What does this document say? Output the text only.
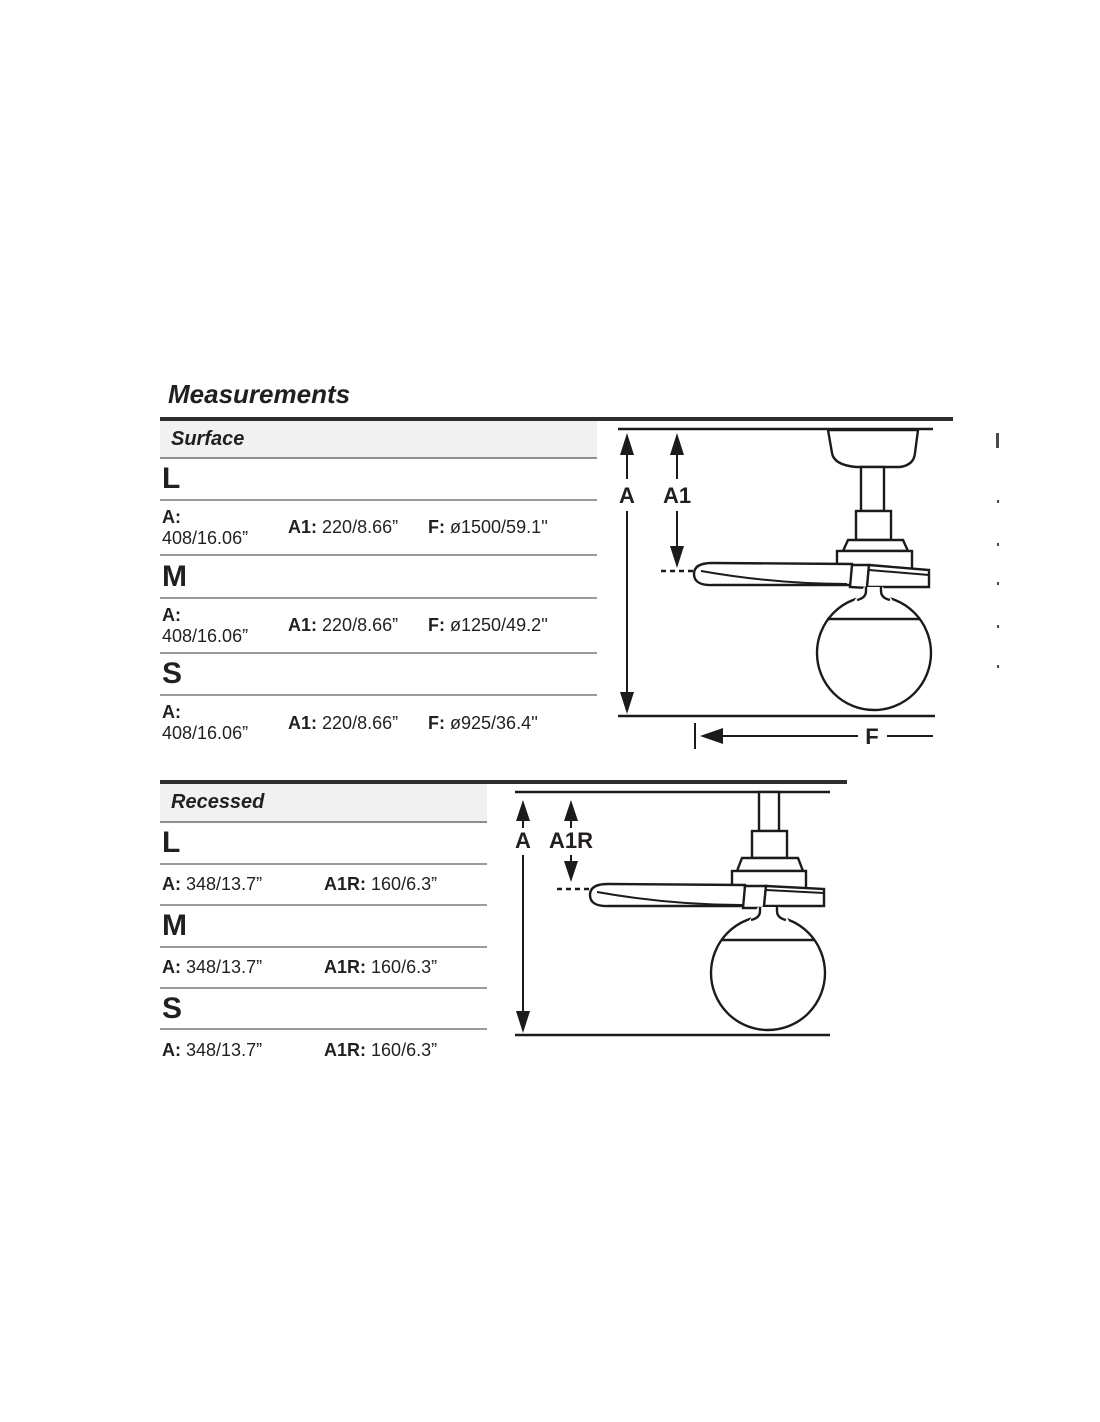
Measurements
Surface
L
A:
408/16.06”
A1: 220/8.66”	F: ø1500/59.1''
M
A:
408/16.06”
A1: 220/8.66”	F: ø1250/49.2''
S
A:
408/16.06”
A1: 220/8.66”	F: ø925/36.4''
A A1
F
Recessed
L
A: 348/13.7”	A1R: 160/6.3”
M
A: 348/13.7”	A1R: 160/6.3”
S
A: 348/13.7”	A1R: 160/6.3”
A A1R
